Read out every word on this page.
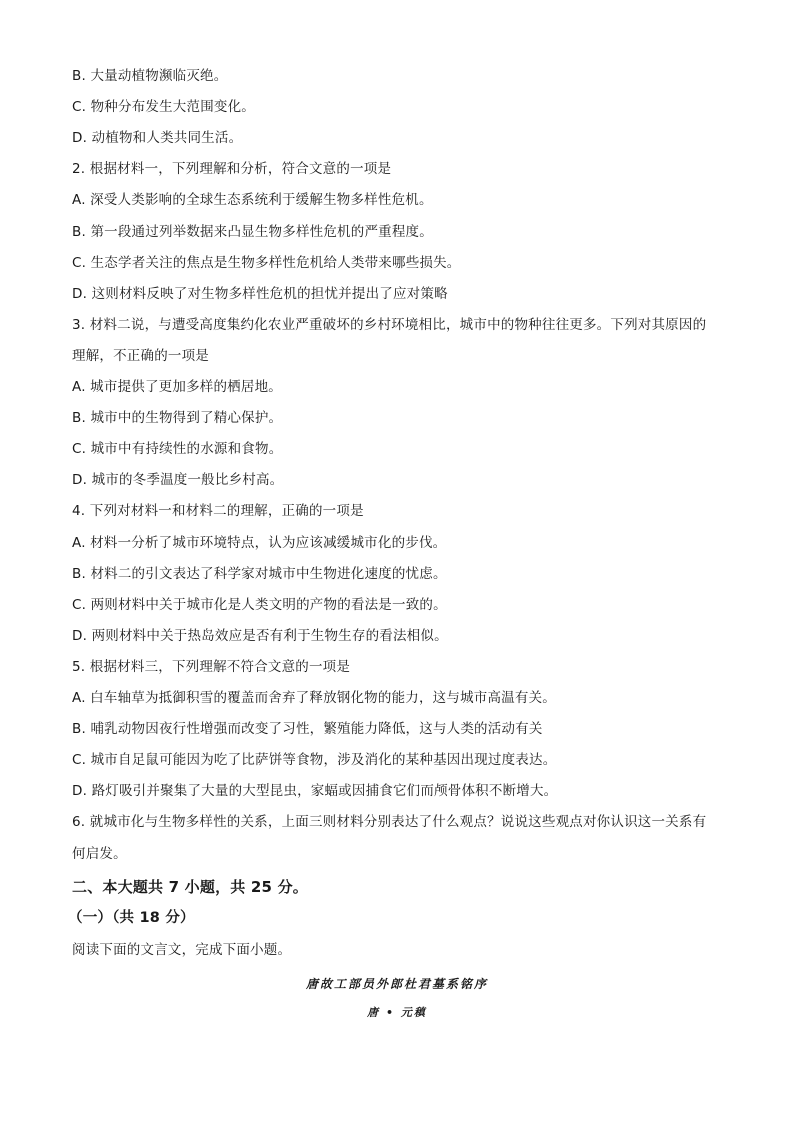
B. 大量动植物濒临灭绝。
C. 物种分布发生大范围变化。
D. 动植物和人类共同生活。
2. 根据材料一，下列理解和分析，符合文意的一项是
A. 深受人类影响的全球生态系统利于缓解生物多样性危机。
B. 第一段通过列举数据来凸显生物多样性危机的严重程度。
C. 生态学者关注的焦点是生物多样性危机给人类带来哪些损失。
D. 这则材料反映了对生物多样性危机的担忧并提出了应对策略
3. 材料二说，与遭受高度集约化农业严重破坏的乡村环境相比，城市中的物种往往更多。下列对其原因的
理解，不正确的一项是
A. 城市提供了更加多样的栖居地。
B. 城市中的生物得到了精心保护。
C. 城市中有持续性的水源和食物。
D. 城市的冬季温度一般比乡村高。
4. 下列对材料一和材料二的理解，正确的一项是
A. 材料一分析了城市环境特点，认为应该减缓城市化的步伐。
B. 材料二的引文表达了科学家对城市中生物进化速度的忧虑。
C. 两则材料中关于城市化是人类文明的产物的看法是一致的。
D. 两则材料中关于热岛效应是否有利于生物生存的看法相似。
5. 根据材料三，下列理解不符合文意的一项是
A. 白车轴草为抵御积雪的覆盖而舍弃了释放钢化物的能力，这与城市高温有关。
B. 哺乳动物因夜行性增强而改变了习性，繁殖能力降低，这与人类的活动有关
C. 城市自足鼠可能因为吃了比萨饼等食物，涉及消化的某种基因出现过度表达。
D. 路灯吸引并聚集了大量的大型昆虫，家蝠或因捕食它们而颅骨体积不断增大。
6. 就城市化与生物多样性的关系，上面三则材料分别表达了什么观点？说说这些观点对你认识这一关系有
何启发。
二、本大题共 7 小题，共 25 分。
（一）（共 18 分）
阅读下面的文言文，完成下面小题。
唐故工部员外郎杜君墓系铭序
唐 • 元稹
